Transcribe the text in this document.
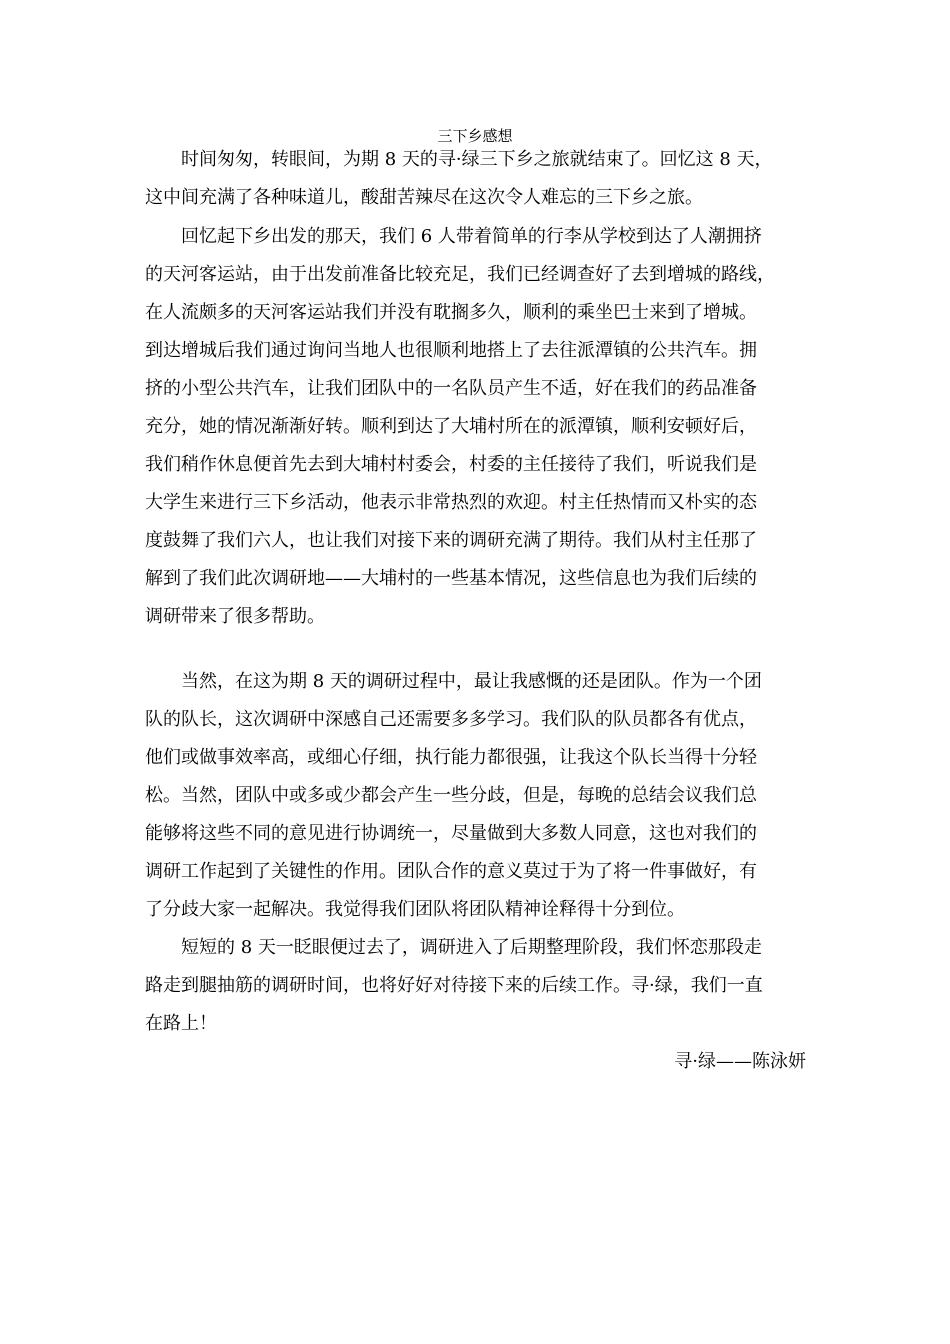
三下乡感想
时间匆匆，转眼间，为期 8 天的寻·绿三下乡之旅就结束了。回忆这 8 天，
这中间充满了各种味道儿，酸甜苦辣尽在这次令人难忘的三下乡之旅。
回忆起下乡出发的那天，我们 6 人带着简单的行李从学校到达了人潮拥挤
的天河客运站，由于出发前准备比较充足，我们已经调查好了去到增城的路线，
在人流颇多的天河客运站我们并没有耽搁多久，顺利的乘坐巴士来到了增城。
到达增城后我们通过询问当地人也很顺利地搭上了去往派潭镇的公共汽车。拥
挤的小型公共汽车，让我们团队中的一名队员产生不适，好在我们的药品准备
充分，她的情况渐渐好转。顺利到达了大埔村所在的派潭镇，顺利安顿好后，
我们稍作休息便首先去到大埔村村委会，村委的主任接待了我们，听说我们是
大学生来进行三下乡活动，他表示非常热烈的欢迎。村主任热情而又朴实的态
度鼓舞了我们六人，也让我们对接下来的调研充满了期待。我们从村主任那了
解到了我们此次调研地——大埔村的一些基本情况，这些信息也为我们后续的
调研带来了很多帮助。
当然，在这为期 8 天的调研过程中，最让我感慨的还是团队。作为一个团
队的队长，这次调研中深感自己还需要多多学习。我们队的队员都各有优点，
他们或做事效率高，或细心仔细，执行能力都很强，让我这个队长当得十分轻
松。当然，团队中或多或少都会产生一些分歧，但是，每晚的总结会议我们总
能够将这些不同的意见进行协调统一，尽量做到大多数人同意，这也对我们的
调研工作起到了关键性的作用。团队合作的意义莫过于为了将一件事做好，有
了分歧大家一起解决。我觉得我们团队将团队精神诠释得十分到位。
短短的 8 天一眨眼便过去了，调研进入了后期整理阶段，我们怀恋那段走
路走到腿抽筋的调研时间，也将好好对待接下来的后续工作。寻·绿，我们一直
在路上！
寻·绿——陈泳妍
